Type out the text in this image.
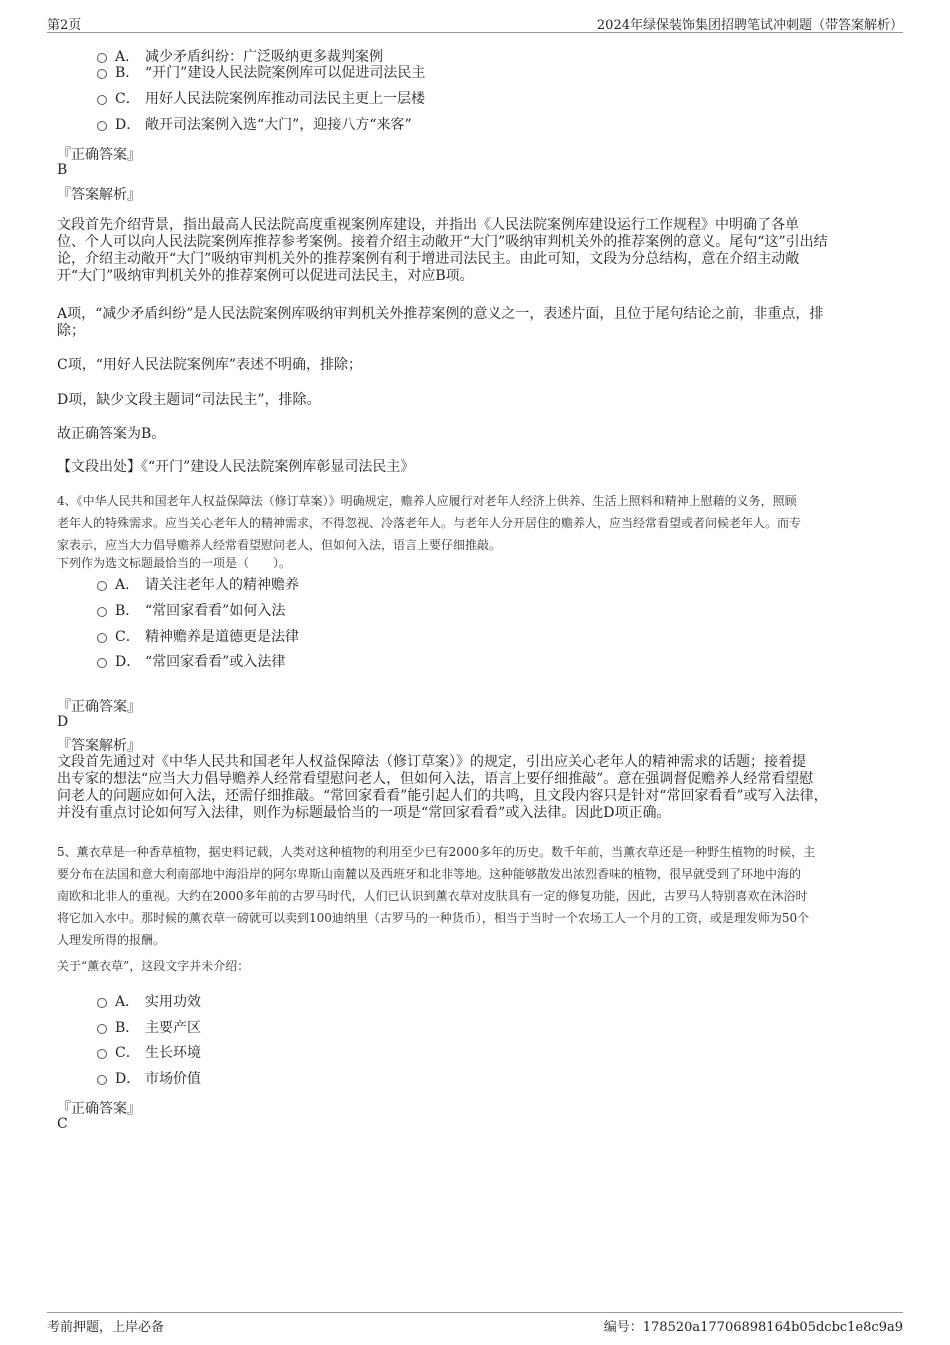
第2页	2024年绿保装饰集团招聘笔试冲刺题（带答案解析）
A． 减少矛盾纠纷：广泛吸纳更多裁判案例
B． “开门”建设人民法院案例库可以促进司法民主
C． 用好人民法院案例库推动司法民主更上一层楼
D． 敞开司法案例入选“大门”，迎接八方“来客”
『正确答案』
B
『答案解析』
文段首先介绍背景，指出最高人民法院高度重视案例库建设，并指出《人民法院案例库建设运行工作规程》中明确了各单
位、个人可以向人民法院案例库推荐参考案例。接着介绍主动敞开“大门”吸纳审判机关外的推荐案例的意义。尾句“这”引出结
论，介绍主动敞开“大门”吸纳审判机关外的推荐案例有利于增进司法民主。由此可知，文段为分总结构，意在介绍主动敞
开“大门”吸纳审判机关外的推荐案例可以促进司法民主，对应B项。
A项，“减少矛盾纠纷”是人民法院案例库吸纳审判机关外推荐案例的意义之一，表述片面，且位于尾句结论之前，非重点，排
除；
C项，“用好人民法院案例库”表述不明确，排除；
D项，缺少文段主题词“司法民主”，排除。
故正确答案为B。
【文段出处】《“开门”建设人民法院案例库彰显司法民主》
4、《中华人民共和国老年人权益保障法（修订草案）》明确规定，赡养人应履行对老年人经济上供养、生活上照料和精神上慰藉的义务，照顾
老年人的特殊需求。应当关心老年人的精神需求，不得忽视、冷落老年人。与老年人分开居住的赡养人，应当经常看望或者问候老年人。而专
家表示，应当大力倡导赡养人经常看望慰问老人，但如何入法，语言上要仔细推敲。
下列作为选文标题最恰当的一项是（　　）。
A． 请关注老年人的精神赡养
B． “常回家看看”如何入法
C． 精神赡养是道德更是法律
D． “常回家看看”或入法律
『正确答案』
D
『答案解析』
文段首先通过对《中华人民共和国老年人权益保障法（修订草案）》的规定，引出应关心老年人的精神需求的话题；接着提
出专家的想法“应当大力倡导赡养人经常看望慰问老人，但如何入法，语言上要仔细推敲”。意在强调督促赡养人经常看望慰
问老人的问题应如何入法，还需仔细推敲。“常回家看看”能引起人们的共鸣，且文段内容只是针对“常回家看看”或写入法律，
并没有重点讨论如何写入法律，则作为标题最恰当的一项是“常回家看看”或入法律。因此D项正确。
5、薰衣草是一种香草植物，据史料记载，人类对这种植物的利用至少已有2000多年的历史。数千年前，当薰衣草还是一种野生植物的时候，主
要分布在法国和意大利南部地中海沿岸的阿尔卑斯山南麓以及西班牙和北非等地。这种能够散发出浓烈香味的植物，很早就受到了环地中海的
南欧和北非人的重视。大约在2000多年前的古罗马时代，人们已认识到薰衣草对皮肤具有一定的修复功能，因此，古罗马人特别喜欢在沐浴时
将它加入水中。那时候的薰衣草一磅就可以卖到100迪纳里（古罗马的一种货币），相当于当时一个农场工人一个月的工资，或是理发师为50个
人理发所得的报酬。
关于“薰衣草”，这段文字并未介绍：
A． 实用功效
B． 主要产区
C． 生长环境
D． 市场价值
『正确答案』
C
考前押题，上岸必备	编号：178520a17706898164b05dcbc1e8c9a9
